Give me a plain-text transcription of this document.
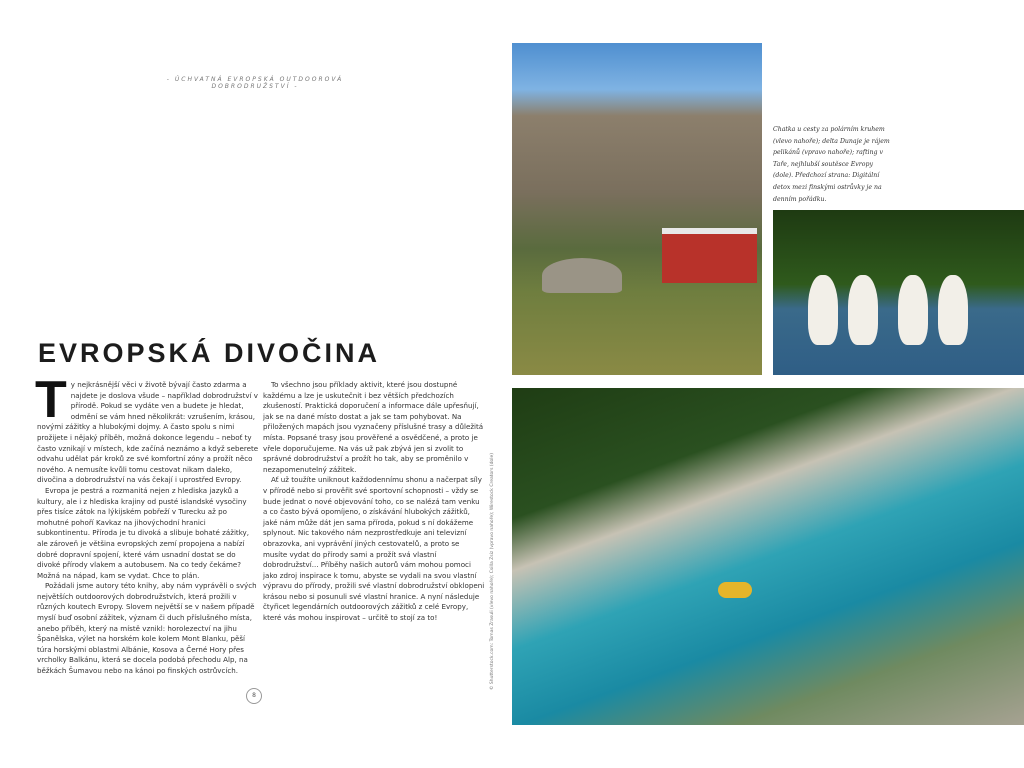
- ÚCHVATNÁ EVROPSKÁ OUTDOOROVÁ DOBRODRUŽSTVÍ -
EVROPSKÁ DIVOČINA

Ty nejkrásnější věci v životě bývají často zdarma a najdete je doslova všude – například dobrodružství v přírodě. Pokud se vydáte ven a budete je hledat, odmění se vám hned několikrát: vzrušením, krásou, novými zážitky a hlubokými dojmy. A často spolu s nimi prožijete i nějaký příběh, možná dokonce legendu – neboť ty často vznikají v místech, kde začíná neznámo a když seberete odvahu udělat pár kroků ze své komfortní zóny a prožít něco nového. A nemusíte kvůli tomu cestovat nikam daleko, divočina a dobrodružství na vás čekají i uprostřed Evropy.

Evropa je pestrá a rozmanitá nejen z hlediska jazyků a kultury, ale i z hlediska krajiny od pusté islandské vysočiny přes tisíce zátok na lýkijském pobřeží v Turecku až po mohutné pohoří Kavkaz na jihovýchodní hranici subkontinentu. Příroda je tu divoká a slibuje bohaté zážitky, ale zároveň je většina evropských zemí propojena a nabízí dobré dopravní spojení, které vám usnadní dostat se do divoké přírody vlakem a autobusem. Na co tedy čekáme? Možná na nápad, kam se vydat. Chce to plán.

Požádali jsme autory této knihy, aby nám vyprávěli o svých největších outdoorových dobrodružstvích, která prožili v různých koutech Evropy. Slovem největší se v našem případě myslí buď osobní zážitek, význam či duch příslušného místa, anebo příběh, který na místě vznikl: horolezectví na jihu Španělska, výlet na horském kole kolem Mont Blanku, pěší túra horskými oblastmi Albánie, Kosova a Černé Hory přes vrcholky Balkánu, která se docela podobá přechodu Alp, na běžkách Šumavou nebo na kánoi po finských ostrůvcích.

To všechno jsou příklady aktivit, které jsou dostupné každému a lze je uskutečnit i bez větších předchozích zkušeností. Praktická doporučení a informace dále upřesňují, jak se na dané místo dostat a jak se tam pohybovat. Na přiložených mapách jsou vyznačeny příslušné trasy a důležitá místa. Popsané trasy jsou prověřené a osvědčené, a proto je vřele doporučujeme. Na vás už pak zbývá jen si zvolit to správné dobrodružství a prožít ho tak, aby se proměnilo v nezapomenutelný zážitek.

Ať už toužíte uniknout každodennímu shonu a načerpat síly v přírodě nebo si prověřit své sportovní schopnosti – vždy se bude jednat o nové objevování toho, co se nalézá tam venku a co často bývá opomíjeno, o získávání hlubokých zážitků, jaké nám může dát jen sama příroda, pokud s ní dokážeme splynout. Nic takového nám nezprostředkuje ani televizní obrazovka, ani vyprávění jiných cestovatelů, a proto se musíte vydat do přírody sami a prožít svá vlastní dobrodružství... Příběhy našich autorů vám mohou pomoci jako zdroj inspirace k tomu, abyste se vydali na svou vlastní výpravu do přírody, prožili své vlastní dobrodružství obklopeni krásou nebo si posunuli své vlastní hranice. A nyní následuje čtyřicet legendárních outdoorových zážitků z celé Evropy, které vás mohou inspirovat – určitě to stojí za to!

8
© Shutterstock.com: Tomas Zrasuli (vlevo nahoře); Csilla Zsiz (vpravo nahoře); Wirestock Creators (dole)
Chatka u cesty za polárním kruhem (vlevo nahoře); delta Dunaje je rájem pelikánů (vpravo nahoře); rafting v Taře, nejhlubší soutěsce Evropy (dole). Předchozí strana: Digitální detox mezi finskými ostrůvky je na denním pořádku.
